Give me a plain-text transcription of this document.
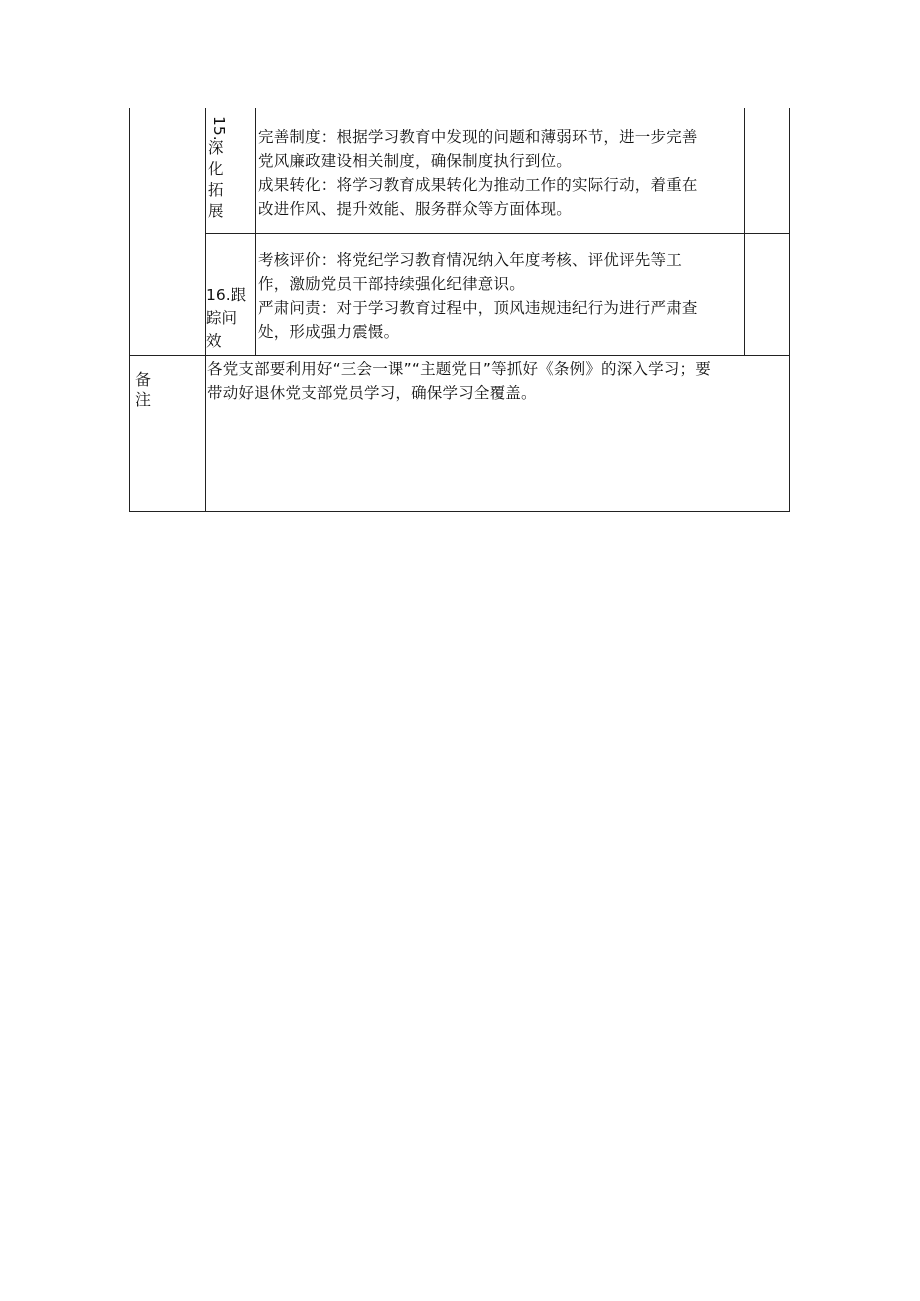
15.
深
化
拓
展
完善制度：根据学习教育中发现的问题和薄弱环节，进一步完善
党风廉政建设相关制度，确保制度执行到位。
成果转化：将学习教育成果转化为推动工作的实际行动，着重在
改进作风、提升效能、服务群众等方面体现。
16.跟
踪问
效
考核评价：将党纪学习教育情况纳入年度考核、评优评先等工
作，激励党员干部持续强化纪律意识。
严肃问责：对于学习教育过程中，顶风违规违纪行为进行严肃查
处，形成强力震慑。
备
注
各党支部要利用好“三会一课”“主题党日”等抓好《条例》的深入学习；要
带动好退休党支部党员学习，确保学习全覆盖。
